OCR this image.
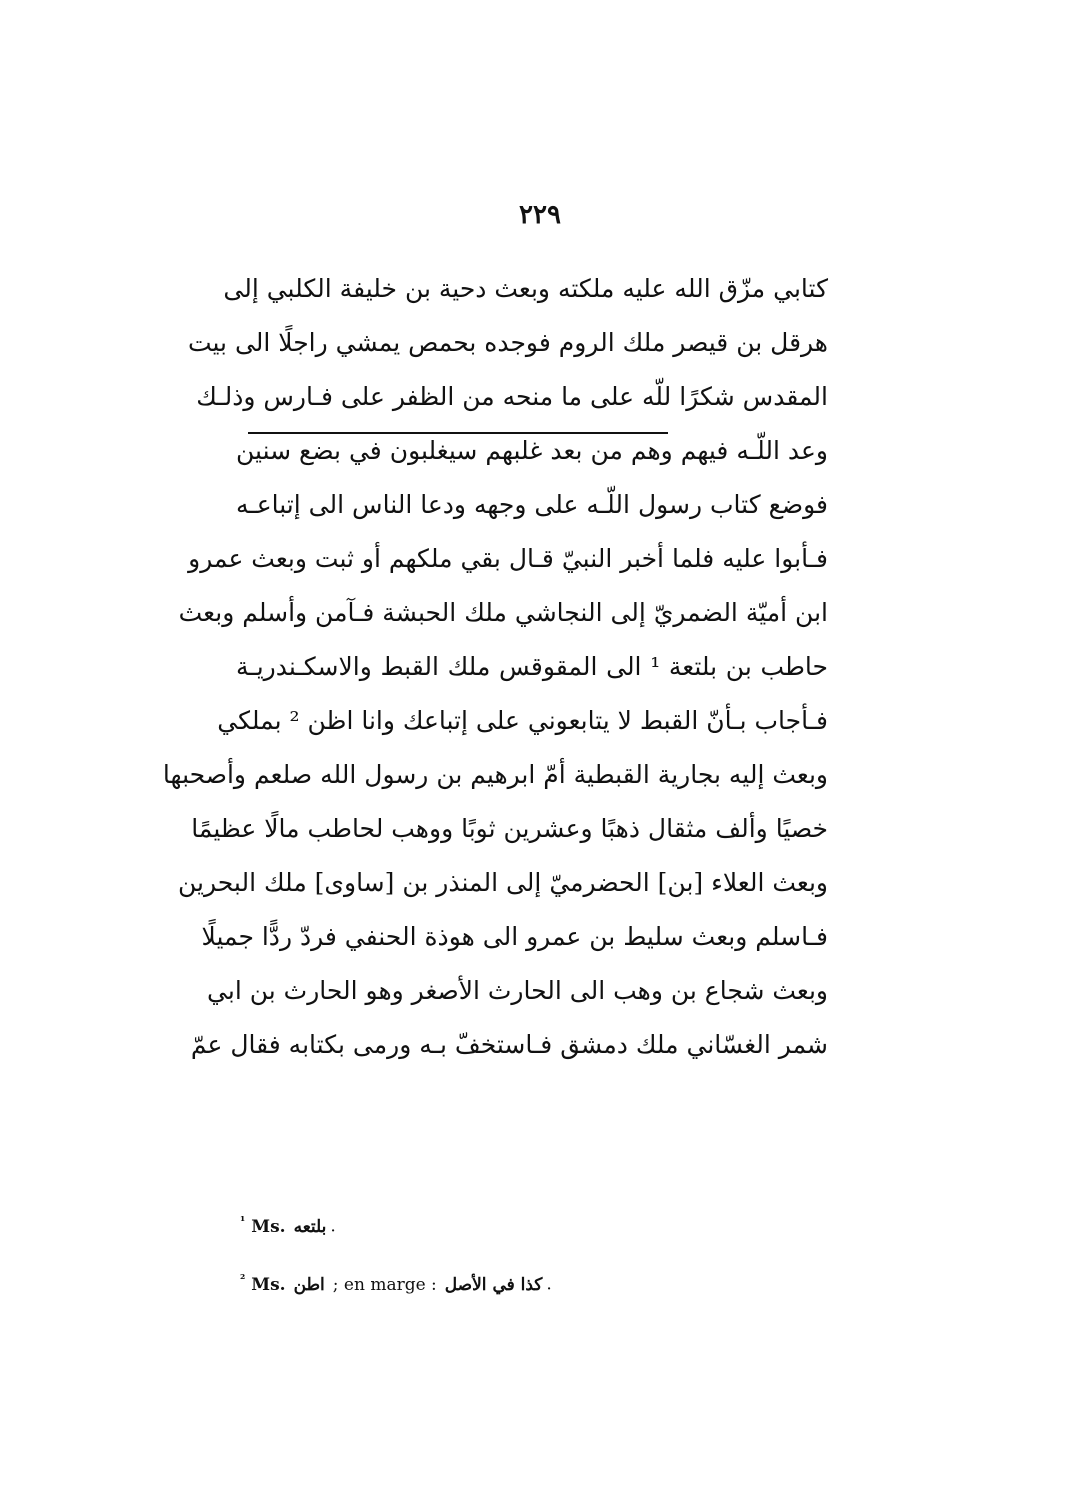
٢٢٩
كتابي مزّق الله عليه ملكته وبعث دحية بن خليفة الكلبي إلى
هرقل بن قيصر ملك الروم فوجده بحمص يمشي راجلًا الى بيت
المقدس شكرًا للّه على ما منحه من الظفر على فـارس وذلـك
وعد اللّـه فيهم وهم من بعد غلبهم سيغلبون في بضع سنين
فوضع كتاب رسول اللّـه على وجهه ودعا الناس الى إتباعـه
فـأبوا عليه فلما أخبر النبيّ قـال بقي ملكهم أو ثبت وبعث عمرو
ابن أميّة الضمريّ إلى النجاشي ملك الحبشة فـآمن وأسلم وبعث
حاطب بن بلتعة ¹ الى المقوقس ملك القبط والاسكـندريـة
فـأجاب بـأنّ القبط لا يتابعوني على إتباعك وانا اظن ² بملكي
وبعث إليه بجارية القبطية أمّ ابرهيم بن رسول الله صلعم وأصحبها
خصيًا وألف مثقال ذهبًا وعشرين ثوبًا ووهب لحاطب مالًا عظيمًا
وبعث العلاء [بن] الحضرميّ إلى المنذر بن [ساوى] ملك البحرين
فـاسلم وبعث سليط بن عمرو الى هوذة الحنفي فردّ ردًّا جميلًا
وبعث شجاع بن وهب الى الحارث الأصغر وهو الحارث بن ابي
شمر الغسّاني ملك دمشق فـاستخفّ بـه ورمى بكتابه فقال عمّ
$^{^1}$ Ms. بلتعه .
$^{^2}$ Ms. اطن ; en marge : كذا في الأصل .
